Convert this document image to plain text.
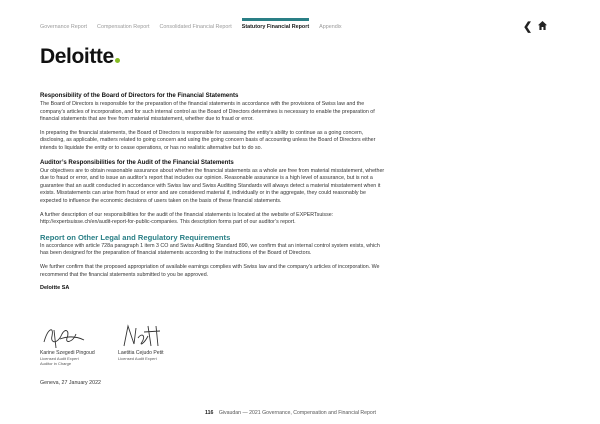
Governance Report Compensation Report Consolidated Financial Report Statutory Financial Report Appendix	❮
Deloitte
Responsibility of the Board of Directors for the Financial Statements

The Board of Directors is responsible for the preparation of the financial statements in accordance with the provisions of Swiss law and the company’s articles of incorporation, and for such internal control as the Board of Directors determines is necessary to enable the preparation of financial statements that are free from material misstatement, whether due to fraud or error.

In preparing the financial statements, the Board of Directors is responsible for assessing the entity’s ability to continue as a going concern, disclosing, as applicable, matters related to going concern and using the going concern basis of accounting unless the Board of Directors either intends to liquidate the entity or to cease operations, or has no realistic alternative but to do so.

Auditor’s Responsibilities for the Audit of the Financial Statements

Our objectives are to obtain reasonable assurance about whether the financial statements as a whole are free from material misstatement, whether due to fraud or error, and to issue an auditor’s report that includes our opinion. Reasonable assurance is a high level of assurance, but is not a guarantee that an audit conducted in accordance with Swiss law and Swiss Auditing Standards will always detect a material misstatement when it exists. Misstatements can arise from fraud or error and are considered material if, individually or in the aggregate, they could reasonably be expected to influence the economic decisions of users taken on the basis of these financial statements.

A further description of our responsibilities for the audit of the financial statements is located at the website of EXPERTsuisse: http://expertsuisse.ch/en/audit-report-for-public-companies. This description forms part of our auditor’s report.

Report on Other Legal and Regulatory Requirements

In accordance with article 728a paragraph 1 item 3 CO and Swiss Auditing Standard 890, we confirm that an internal control system exists, which has been designed for the preparation of financial statements according to the instructions of the Board of Directors.

We further confirm that the proposed appropriation of available earnings complies with Swiss law and the company’s articles of incorporation. We recommend that the financial statements submitted to you be approved.

Deloitte SA
Karine Szegedi Pingoud
Licensed Audit Expert
Auditor in Charge
Laetitia Cejudo Petit
Licensed Audit Expert
Geneva, 27 January 2022
116 Givaudan — 2021 Governance, Compensation and Financial Report
